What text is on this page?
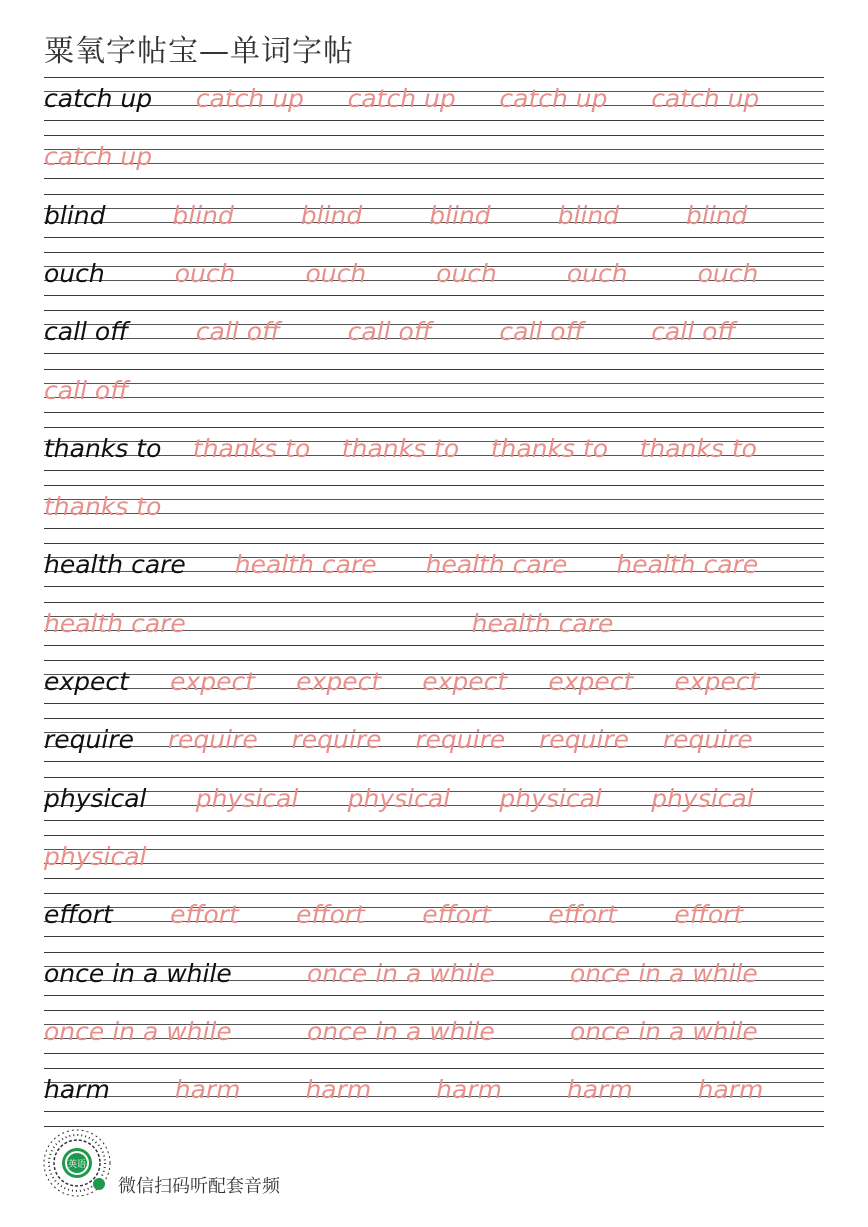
粟氧字帖宝—单词字帖
catch up catch up catch up catch up catch up
catch up
blind	blind	blind	blind	blind	blind
ouch	ouch	ouch	ouch	ouch	ouch
call off	call off	call off	call off	call off
call off
thanks to thanks to thanks to thanks to thanks to
thanks to
health care health care health care health care
health care	health care
expect expect expect expect expect expect
require require require require require require
physical physical physical physical physical
physical
effort effort effort effort effort effort
once in a while	once in a while	once in a while
once in a while	once in a while	once in a while
harm	harm	harm	harm	harm	harm
英语
微信扫码听配套音频
